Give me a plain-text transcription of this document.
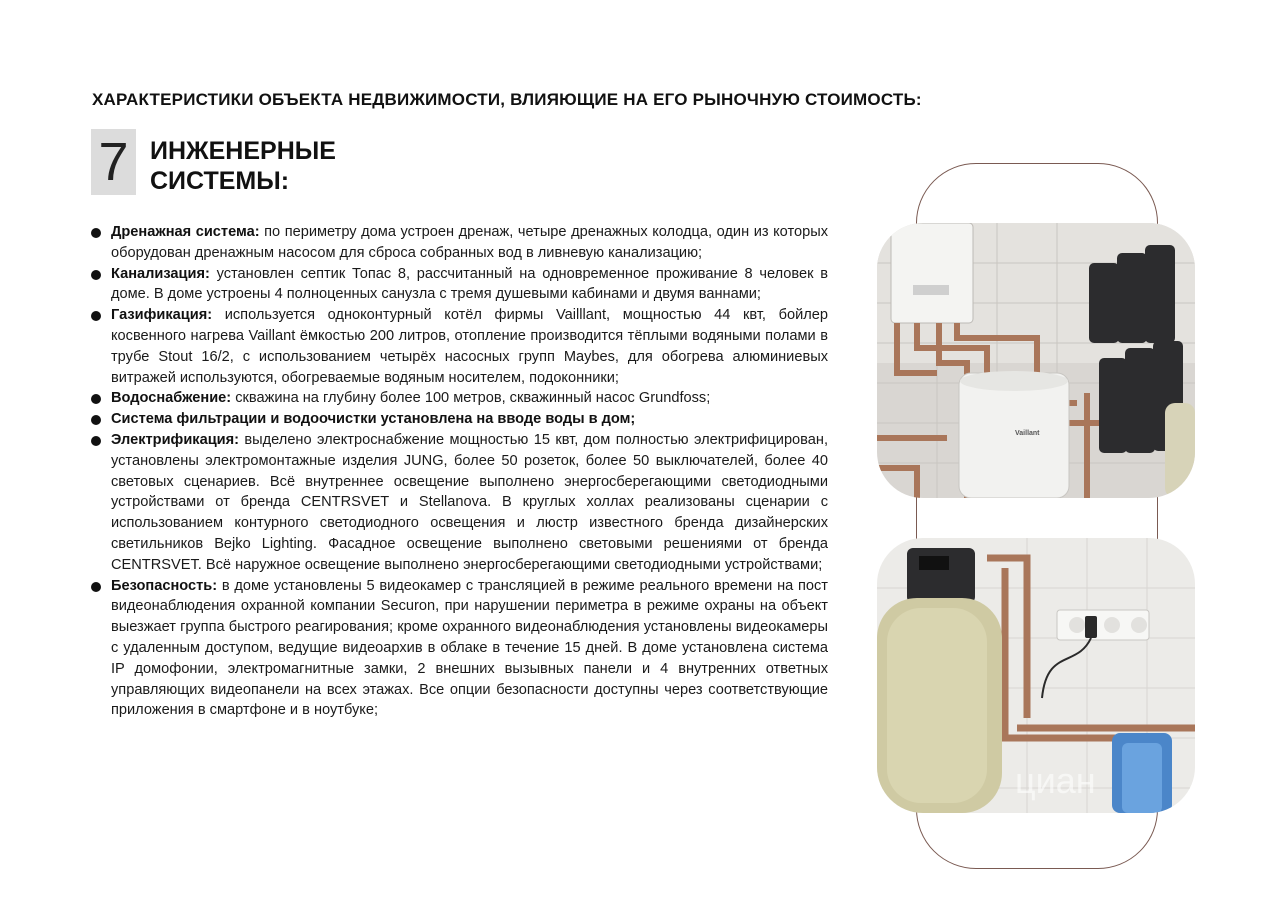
ХАРАКТЕРИСТИКИ ОБЪЕКТА НЕДВИЖИМОСТИ, ВЛИЯЮЩИЕ НА ЕГО РЫНОЧНУЮ СТОИМОСТЬ:
7 ИНЖЕНЕРНЫЕ
СИСТЕМЫ:
Дренажная система: по периметру дома устроен дренаж, четыре дренажных колодца, один из которых оборудован дренажным насосом для сброса собранных вод в ливневую канализацию;
Канализация: установлен септик Топас 8, рассчитанный на одновременное проживание 8 человек в доме. В доме устроены 4 полноценных санузла с тремя душевыми кабинами и двумя ваннами;
Газификация: используется одноконтурный котёл фирмы Vailllant, мощностью 44 квт, бойлер косвенного нагрева Vaillant ёмкостью 200 литров, отопление производится тёплыми водяными полами в трубе Stout 16/2, с использованием четырёх насосных групп Maybes, для обогрева алюминиевых витражей используются, обогреваемые водяным носителем, подоконники;
Водоснабжение: скважина на глубину более 100 метров, скважинный насос Grundfoss;
Система фильтрации и водоочистки установлена на вводе воды в дом;
Электрификация: выделено электроснабжение мощностью 15 квт, дом полностью электрифицирован, установлены электромонтажные изделия JUNG, более 50 розеток, более 50 выключателей, более 40 световых сценариев. Всё внутреннее освещение выполнено энергосберегающими светодиодными устройствами от бренда CENTRSVET и Stellanova. В круглых холлах реализованы сценарии с использованием контурного светодиодного освещения и люстр известного бренда дизайнерских светильников Bejko Lighting. Фасадное освещение выполнено световыми решениями от бренда CENTRSVET. Всё наружное освещение выполнено энергосберегающими светодиодными устройствами;
Безопасность: в доме установлены 5 видеокамер с трансляцией в режиме реального времени на пост видеонаблюдения охранной компании Securon, при нарушении периметра в режиме охраны на объект выезжает группа быстрого реагирования; кроме охранного видеонаблюдения установлены видеокамеры с удаленным доступом, ведущие видеоархив в облаке в течение 15 дней. В доме установлена система IP домофонии, электромагнитные замки, 2 внешних вызывных панели и 4 внутренних ответных управляющих видеопанели на всех этажах. Все опции безопасности доступны через соответствующие приложения в смартфоне и в ноутбуке;
Vaillant
циан
